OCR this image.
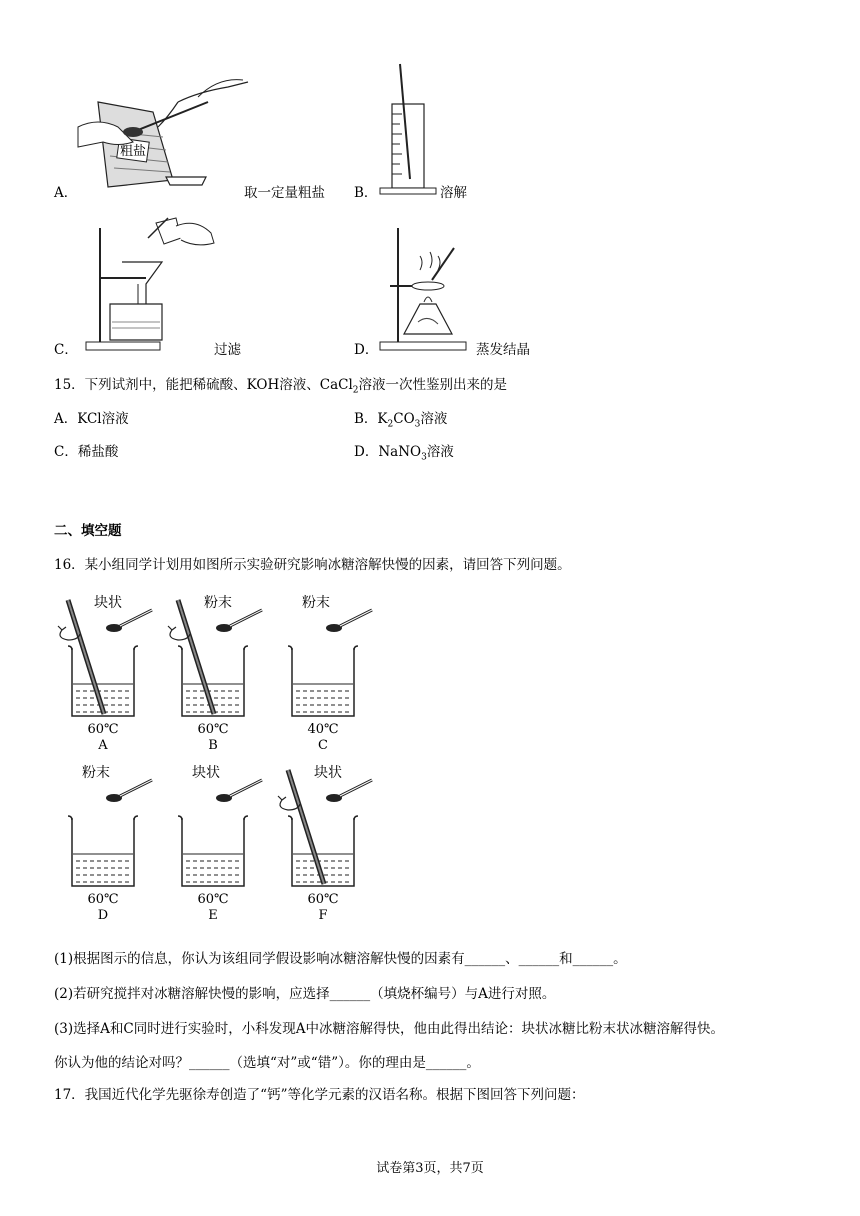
粗盐
A．	取一定量粗盐 B．	溶解
C．	过滤	D．	蒸发结晶
15．下列试剂中，能把稀硫酸、KOH溶液、CaCl$_2$溶液一次性鉴别出来的是
A．KCl溶液	B．$K_2CO_3$溶液
C．稀盐酸	D．NaNO$_3$溶液
二、填空题
16．某小组同学计划用如图所示实验研究影响冰糖溶解快慢的因素，请回答下列问题。
块状
60℃
A
粉末
60℃
B
粉末
40℃
C
粉末
60℃
D
块状
60℃
E
块状
60℃
F
(1)根据图示的信息，你认为该组同学假设影响冰糖溶解快慢的因素有______、______和______。
(2)若研究搅拌对冰糖溶解快慢的影响，应选择______（填烧杯编号）与A进行对照。
(3)选择A和C同时进行实验时，小科发现A中冰糖溶解得快，他由此得出结论：块状冰糖比粉末状冰糖溶解得快。
你认为他的结论对吗？______（选填“对”或“错”）。你的理由是______。
17．我国近代化学先驱徐寿创造了“钙”等化学元素的汉语名称。根据下图回答下列问题：
试卷第3页，共7页
